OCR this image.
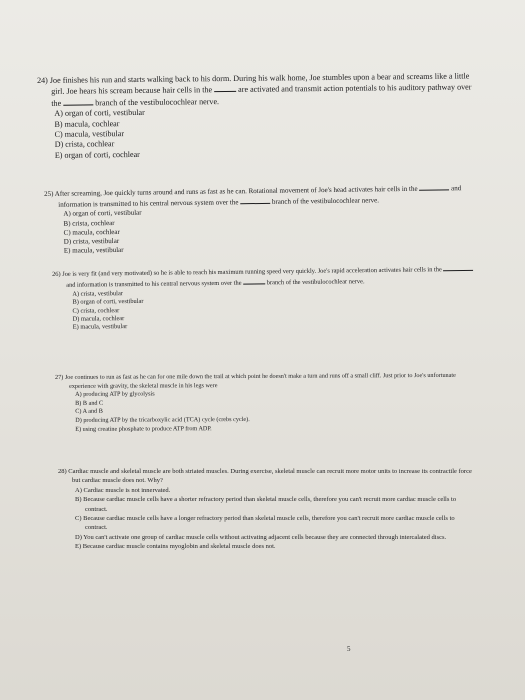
24) Joe finishes his run and starts walking back to his dorm. During his walk home, Joe stumbles upon a bear and screams like a little girl. Joe hears his scream because hair cells in the	are activated and transmit action potentials to his auditory pathway over the	branch of the vestibulocochlear nerve.

A) organ of corti, vestibular
B) macula, cochlear
C) macula, vestibular
D) crista, cochlear
E) organ of corti, cochlear

25) After screaming, Joe quickly turns around and runs as fast as he can. Rotational movement of Joe's head activates hair cells in the	and information is transmitted to his central nervous system over the	branch of the vestibulocochlear nerve.

A) organ of corti, vestibular
B) crista, cochlear
C) macula, cochlear
D) crista, vestibular
E) macula, vestibular

26) Joe is very fit (and very motivated) so he is able to reach his maximum running speed very quickly. Joe's rapid acceleration activates hair cells in the  and information is transmitted to his central nervous system over the	branch of the vestibulocochlear nerve.

A) crista, vestibular
B) organ of corti, vestibular
C) crista, cochlear
D) macula, cochlear
E) macula, vestibular

27) Joe continues to run as fast as he can for one mile down the trail at which point he doesn't make a turn and runs off a small cliff. Just prior to Joe's unfortunate experience with gravity, the skeletal muscle in his legs were

A) producing ATP by glycolysis
B) B and C
C) A and B
D) producing ATP by the tricarboxylic acid (TCA) cycle (crebs cycle).
E) using creatine phosphate to produce ATP from ADP.

28) Cardiac muscle and skeletal muscle are both striated muscles. During exercise, skeletal muscle can recruit more motor units to increase its contractile force but cardiac muscle does not. Why?

A) Cardiac muscle is not innervated.
B) Because cardiac muscle cells have a shorter refractory period than skeletal muscle cells, therefore you can't recruit more cardiac muscle cells to contract.
C) Because cardiac muscle cells have a longer refractory period than skeletal muscle cells, therefore you can't recruit more cardiac muscle cells to contract.
D) You can't activate one group of cardiac muscle cells without activating adjacent cells because they are connected through intercalated discs.
E) Because cardiac muscle contains myoglobin and skeletal muscle does not.
5
